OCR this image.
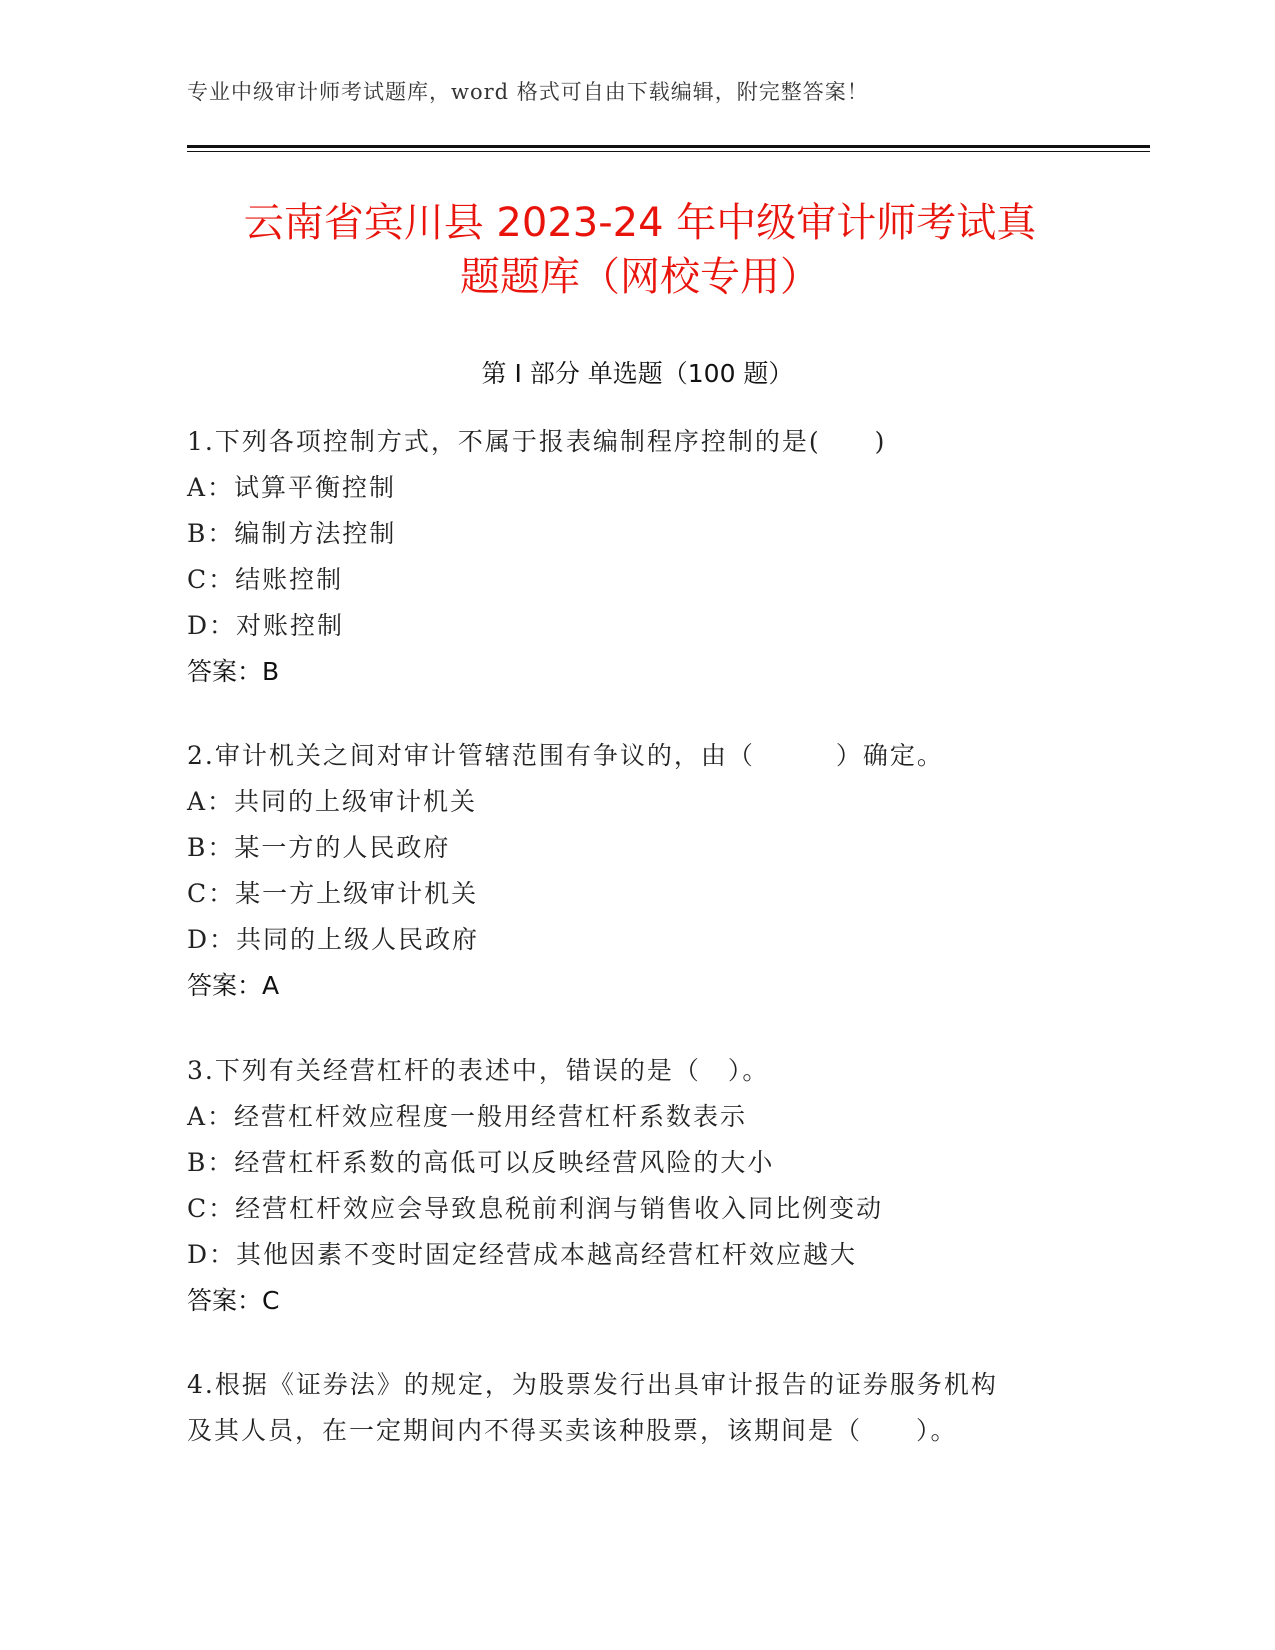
专业中级审计师考试题库，word 格式可自由下载编辑，附完整答案！
云南省宾川县 2023-24 年中级审计师考试真
题题库（网校专用）
第 I 部分 单选题（100 题）
1.下列各项控制方式，不属于报表编制程序控制的是(　　)
A：试算平衡控制
B：编制方法控制
C：结账控制
D：对账控制
答案：B
2.审计机关之间对审计管辖范围有争议的，由（　　　）确定。
A：共同的上级审计机关
B：某一方的人民政府
C：某一方上级审计机关
D：共同的上级人民政府
答案：A
3.下列有关经营杠杆的表述中，错误的是（　）。
A：经营杠杆效应程度一般用经营杠杆系数表示
B：经营杠杆系数的高低可以反映经营风险的大小
C：经营杠杆效应会导致息税前利润与销售收入同比例变动
D：其他因素不变时固定经营成本越高经营杠杆效应越大
答案：C
4.根据《证券法》的规定，为股票发行出具审计报告的证券服务机构
及其人员，在一定期间内不得买卖该种股票，该期间是（　　）。
